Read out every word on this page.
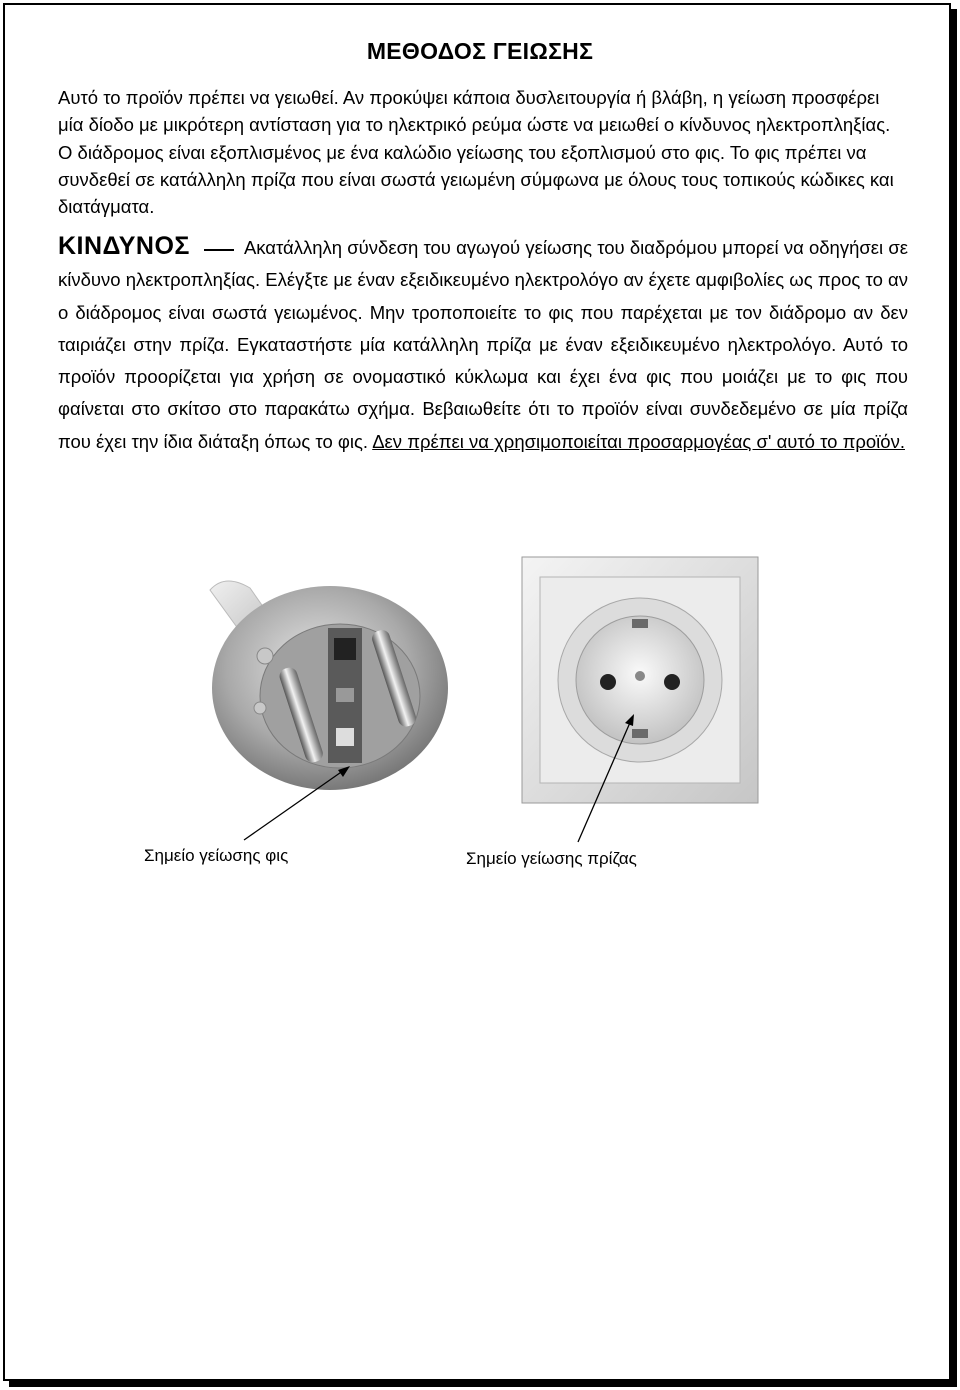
ΜΕΘΟΔΟΣ ΓΕΙΩΣΗΣ
Αυτό το προϊόν πρέπει να γειωθεί. Αν προκύψει κάποια δυσλειτουργία ή βλάβη, η γείωση προσφέρει μία δίοδο με μικρότερη αντίσταση για το ηλεκτρικό ρεύμα ώστε να μειωθεί ο κίνδυνος ηλεκτροπληξίας. Ο διάδρομος είναι εξοπλισμένος με ένα καλώδιο γείωσης του εξοπλισμού στο φις. Το φις πρέπει να συνδεθεί σε κατάλληλη πρίζα που είναι σωστά γειωμένη σύμφωνα με όλους τους τοπικούς κώδικες και διατάγματα.
ΚΙΝΔΥΝΟΣ	Ακατάλληλη σύνδεση του αγωγού γείωσης του διαδρόμου μπορεί να οδηγήσει σε κίνδυνο ηλεκτροπληξίας. Ελέγξτε με έναν εξειδικευμένο ηλεκτρολόγο αν έχετε αμφιβολίες ως προς το αν ο διάδρομος είναι σωστά γειωμένος. Μην τροποποιείτε το φις που παρέχεται με τον διάδρομο αν δεν ταιριάζει στην πρίζα. Εγκαταστήστε μία κατάλληλη πρίζα με έναν εξειδικευμένο ηλεκτρολόγο. Αυτό το προϊόν προορίζεται για χρήση σε ονομαστικό κύκλωμα και έχει ένα φις που μοιάζει με το φις που φαίνεται στο σκίτσο στο παρακάτω σχήμα. Βεβαιωθείτε ότι το προϊόν είναι συνδεδεμένο σε μία πρίζα που έχει την ίδια διάταξη όπως το φις. Δεν πρέπει να χρησιμοποιείται προσαρμογέας σ' αυτό το προϊόν.
Σημείο γείωσης φις	Σημείο γείωσης πρίζας
